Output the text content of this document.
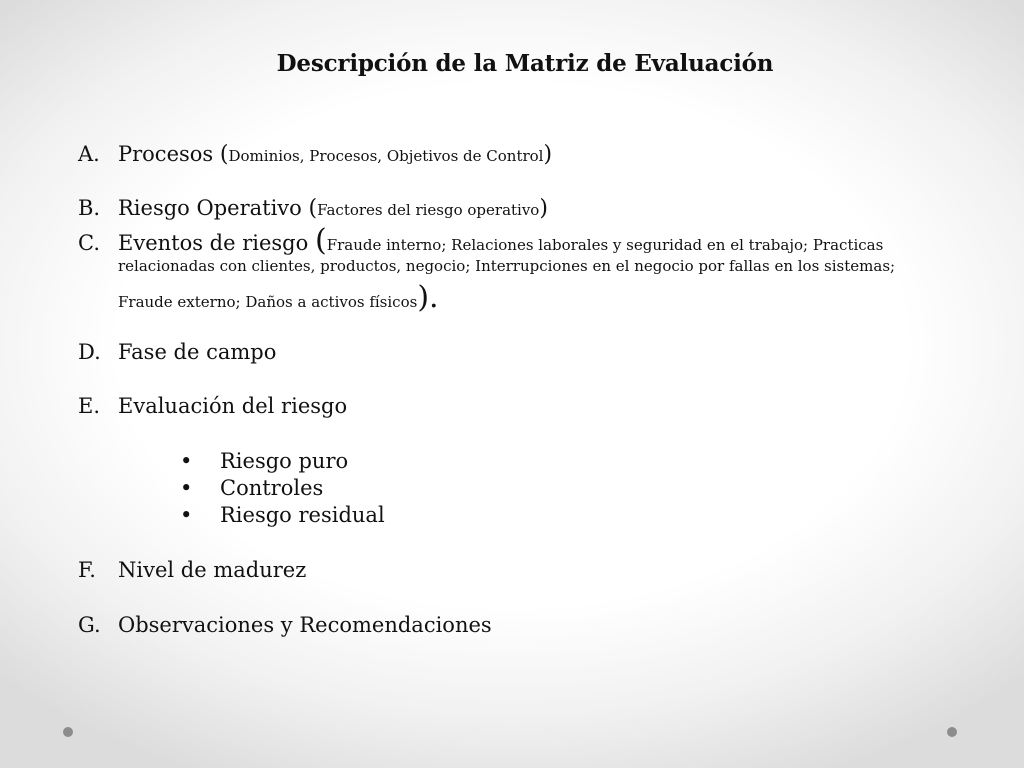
Descripción de la Matriz de Evaluación
A. Procesos (Dominios, Procesos, Objetivos de Control)
B. Riesgo Operativo (Factores del riesgo operativo)
C. Eventos de riesgo (Fraude interno; Relaciones laborales y seguridad en el trabajo; Practicas
relacionadas con clientes, productos, negocio; Interrupciones en el negocio por fallas en los sistemas;
Fraude externo; Daños a activos físicos).
D. Fase de campo
E. Evaluación del riesgo
• Riesgo puro
• Controles
• Riesgo residual
F. Nivel de madurez
G. Observaciones y Recomendaciones
